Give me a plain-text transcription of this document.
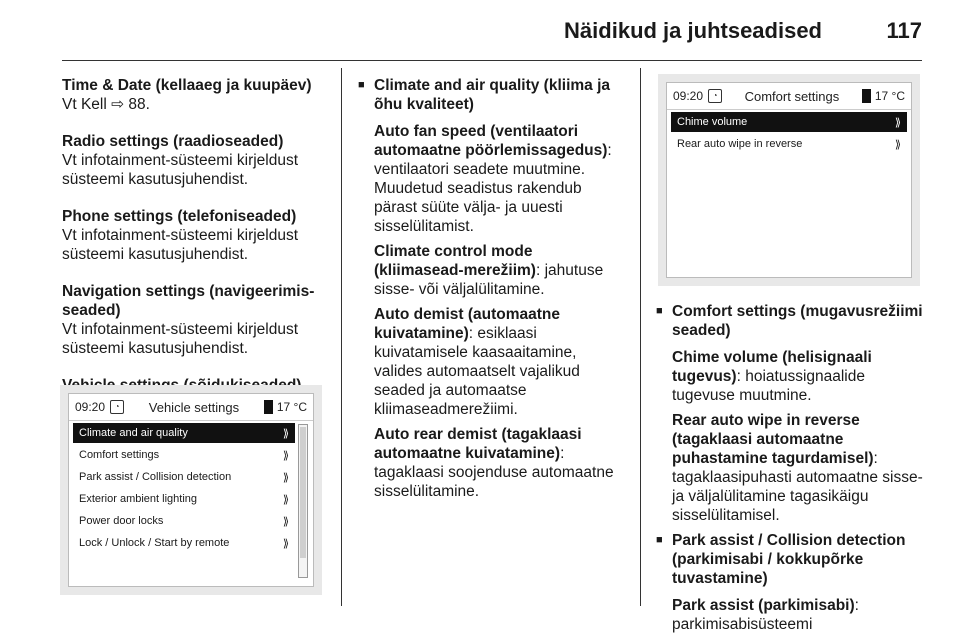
Näidikud ja juhtseadised	117
Time & Date (kellaaeg ja kuupäev)
Vt Kell ⇨ 88.
Radio settings (raadioseaded)
Vt infotainment-süsteemi kirjeldust süsteemi kasutusjuhendist.
Phone settings (telefoniseaded)
Vt infotainment-süsteemi kirjeldust süsteemi kasutusjuhendist.
Navigation settings (navigeerimis-seaded)
Vt infotainment-süsteemi kirjeldust süsteemi kasutusjuhendist.
09:20	◔	Vehicle settings	17 °C
Climate and air quality	⟫
Comfort settings	⟫
Park assist / Collision detection	⟫
Exterior ambient lighting	⟫
Power door locks	⟫
Lock / Unlock / Start by remote	⟫
■ Climate and air quality (kliima ja õhu kvaliteet)
Auto fan speed (ventilaatori automaatne pöörlemissagedus): ventilaatori seadete muutmine. Muudetud seadistus rakendub pärast süüte välja- ja uuesti sisselülitamist.
Climate control mode (kliimasead-merežiim): jahutuse sisse- või väljalülitamine.
Auto demist (automaatne kuivatamine): esiklaasi kuivatamisele kaasaaitamine, valides automaatselt vajalikud seaded ja automaatse kliimaseadmerežiimi.
Auto rear demist (tagaklaasi automaatne kuivatamine): tagaklaasi soojenduse automaatne sisselülitamine.
09:20	◔	Comfort settings	17 °C
Chime volume	⟫
Rear auto wipe in reverse	⟫
■ Comfort settings (mugavusrežiimi seaded)
Chime volume (helisignaali tugevus): hoiatussignaalide tugevuse muutmine.
Rear auto wipe in reverse (tagaklaasi automaatne puhastamine tagurdamisel): tagaklaasipuhasti automaatne sisse- ja väljalülitamine tagasikäigu sisselülitamisel.
■ Park assist / Collision detection (parkimisabi / kokkupõrke tuvastamine)
Park assist (parkimisabi): parkimisabisüsteemi
